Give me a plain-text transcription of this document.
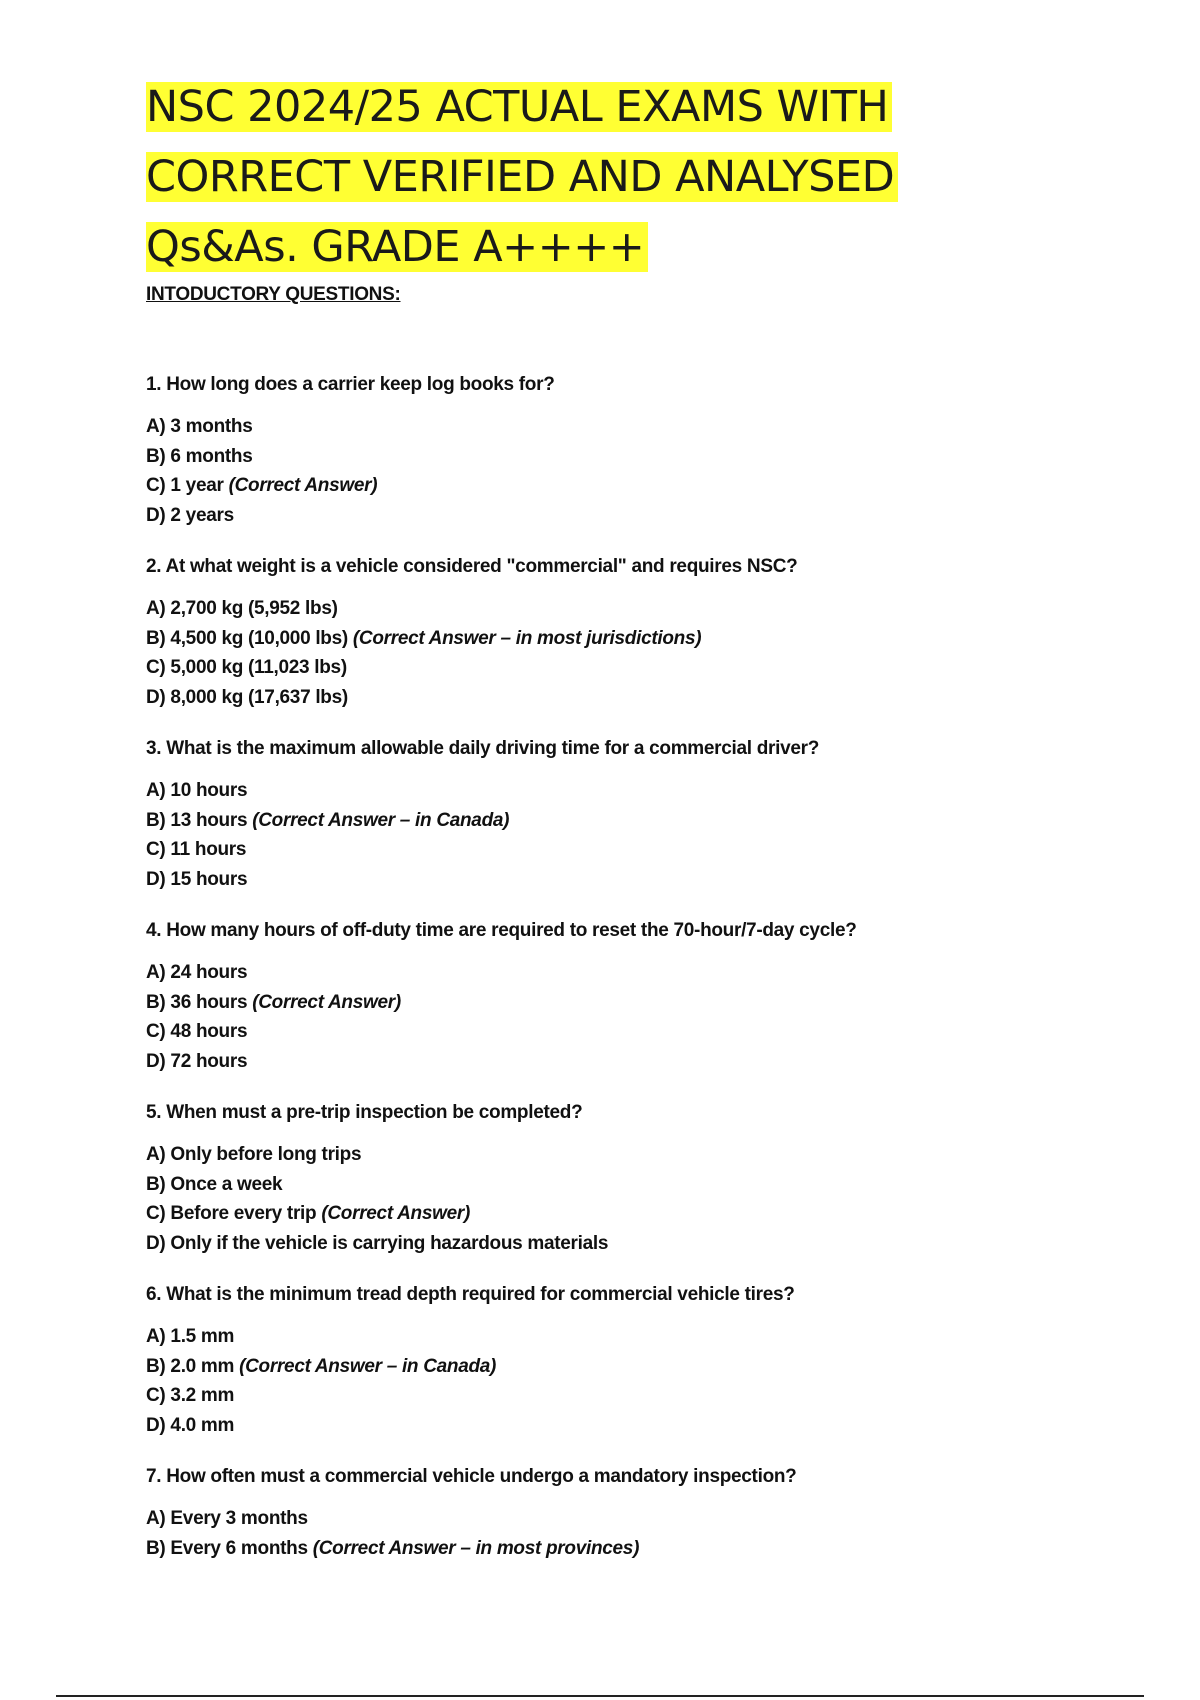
NSC 2024/25 ACTUAL EXAMS WITH
CORRECT VERIFIED AND ANALYSED
Qs&As. GRADE A++++
INTODUCTORY QUESTIONS:
1. How long does a carrier keep log books for?
A) 3 months
B) 6 months
C) 1 year (Correct Answer)
D) 2 years
2. At what weight is a vehicle considered "commercial" and requires NSC?
A) 2,700 kg (5,952 lbs)
B) 4,500 kg (10,000 lbs) (Correct Answer – in most jurisdictions)
C) 5,000 kg (11,023 lbs)
D) 8,000 kg (17,637 lbs)
3. What is the maximum allowable daily driving time for a commercial driver?
A) 10 hours
B) 13 hours (Correct Answer – in Canada)
C) 11 hours
D) 15 hours
4. How many hours of off-duty time are required to reset the 70-hour/7-day cycle?
A) 24 hours
B) 36 hours (Correct Answer)
C) 48 hours
D) 72 hours
5. When must a pre-trip inspection be completed?
A) Only before long trips
B) Once a week
C) Before every trip (Correct Answer)
D) Only if the vehicle is carrying hazardous materials
6. What is the minimum tread depth required for commercial vehicle tires?
A) 1.5 mm
B) 2.0 mm (Correct Answer – in Canada)
C) 3.2 mm
D) 4.0 mm
7. How often must a commercial vehicle undergo a mandatory inspection?
A) Every 3 months
B) Every 6 months (Correct Answer – in most provinces)
